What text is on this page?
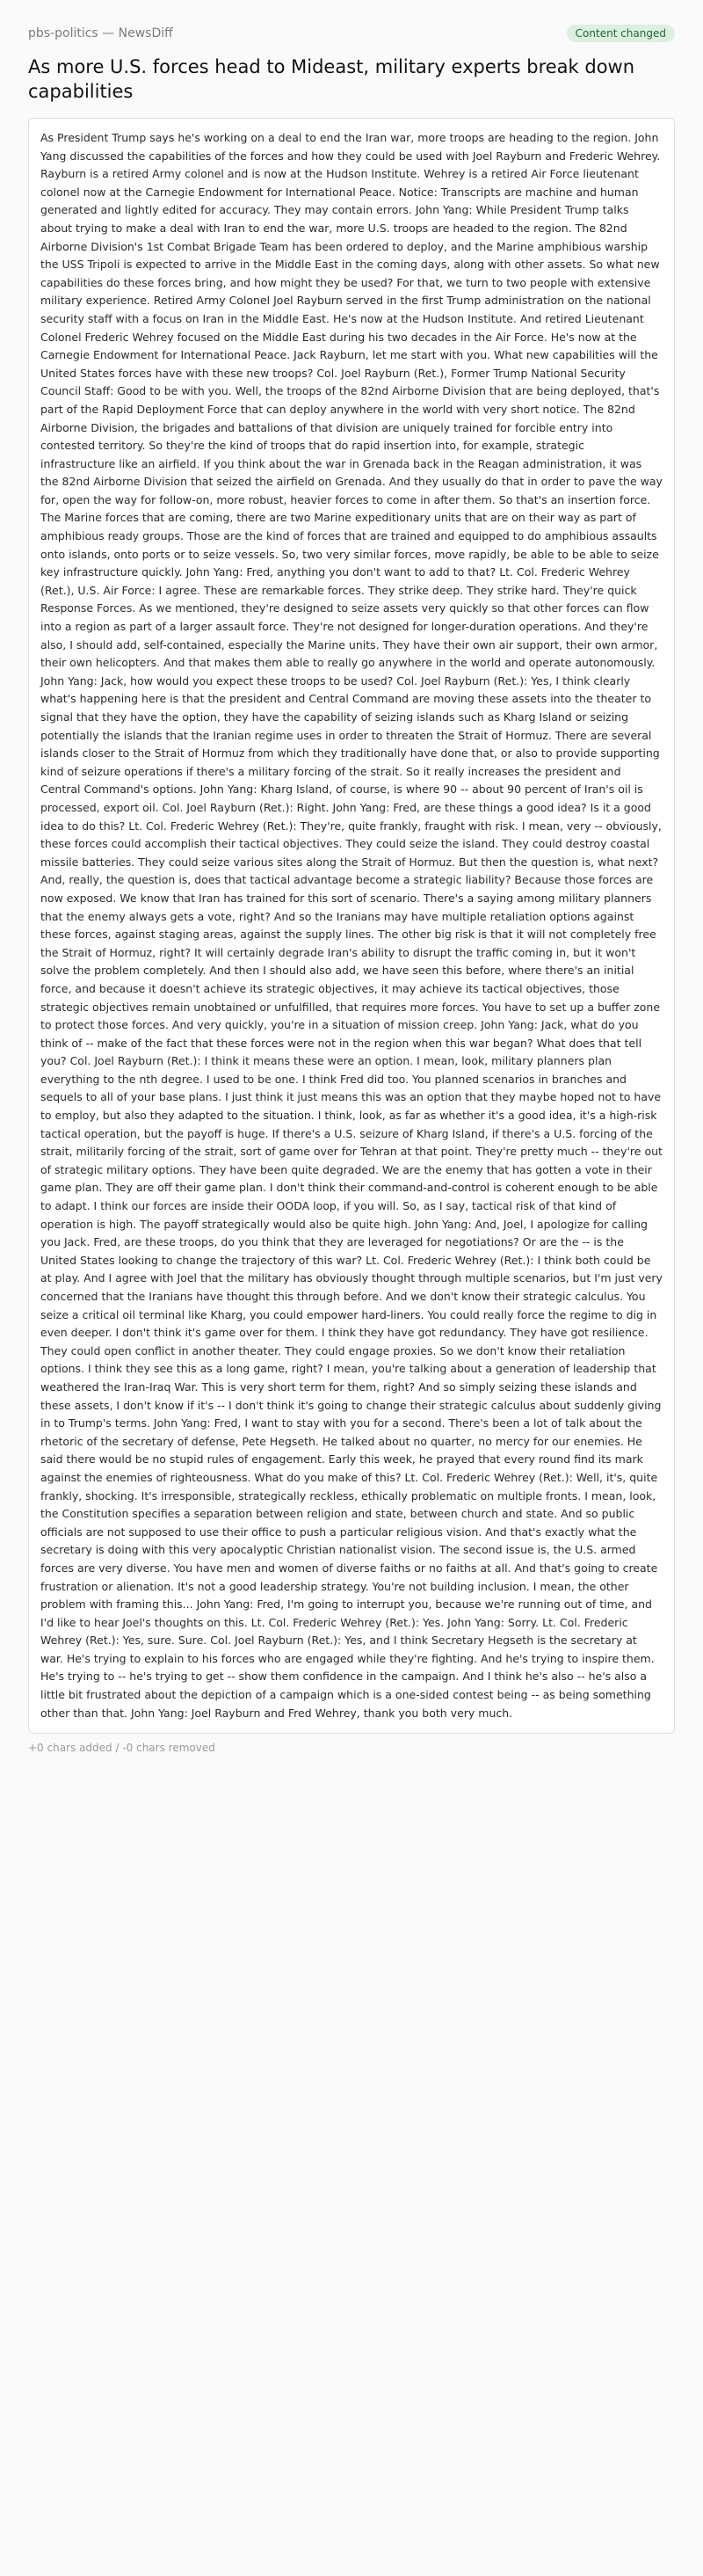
pbs-politics — NewsDiff	Content changed
As more U.S. forces head to Mideast, military experts break down capabilities

As President Trump says he's working on a deal to end the Iran war, more troops are heading to the region. John Yang discussed the capabilities of the forces and how they could be used with Joel Rayburn and Frederic Wehrey. Rayburn is a retired Army colonel and is now at the Hudson Institute. Wehrey is a retired Air Force lieutenant colonel now at the Carnegie Endowment for International Peace. Notice: Transcripts are machine and human generated and lightly edited for accuracy. They may contain errors. John Yang: While President Trump talks about trying to make a deal with Iran to end the war, more U.S. troops are headed to the region. The 82nd Airborne Division's 1st Combat Brigade Team has been ordered to deploy, and the Marine amphibious warship the USS Tripoli is expected to arrive in the Middle East in the coming days, along with other assets. So what new capabilities do these forces bring, and how might they be used? For that, we turn to two people with extensive military experience. Retired Army Colonel Joel Rayburn served in the first Trump administration on the national security staff with a focus on Iran in the Middle East. He's now at the Hudson Institute. And retired Lieutenant Colonel Frederic Wehrey focused on the Middle East during his two decades in the Air Force. He's now at the Carnegie Endowment for International Peace. Jack Rayburn, let me start with you. What new capabilities will the United States forces have with these new troops? Col. Joel Rayburn (Ret.), Former Trump National Security Council Staff: Good to be with you. Well, the troops of the 82nd Airborne Division that are being deployed, that's part of the Rapid Deployment Force that can deploy anywhere in the world with very short notice. The 82nd Airborne Division, the brigades and battalions of that division are uniquely trained for forcible entry into contested territory. So they're the kind of troops that do rapid insertion into, for example, strategic infrastructure like an airfield. If you think about the war in Grenada back in the Reagan administration, it was the 82nd Airborne Division that seized the airfield on Grenada. And they usually do that in order to pave the way for, open the way for follow-on, more robust, heavier forces to come in after them. So that's an insertion force. The Marine forces that are coming, there are two Marine expeditionary units that are on their way as part of amphibious ready groups. Those are the kind of forces that are trained and equipped to do amphibious assaults onto islands, onto ports or to seize vessels. So, two very similar forces, move rapidly, be able to be able to seize key infrastructure quickly. John Yang: Fred, anything you don't want to add to that? Lt. Col. Frederic Wehrey (Ret.), U.S. Air Force: I agree. These are remarkable forces. They strike deep. They strike hard. They're quick Response Forces. As we mentioned, they're designed to seize assets very quickly so that other forces can flow into a region as part of a larger assault force. They're not designed for longer-duration operations. And they're also, I should add, self-contained, especially the Marine units. They have their own air support, their own armor, their own helicopters. And that makes them able to really go anywhere in the world and operate autonomously. John Yang: Jack, how would you expect these troops to be used? Col. Joel Rayburn (Ret.): Yes, I think clearly what's happening here is that the president and Central Command are moving these assets into the theater to signal that they have the option, they have the capability of seizing islands such as Kharg Island or seizing potentially the islands that the Iranian regime uses in order to threaten the Strait of Hormuz. There are several islands closer to the Strait of Hormuz from which they traditionally have done that, or also to provide supporting kind of seizure operations if there's a military forcing of the strait. So it really increases the president and Central Command's options. John Yang: Kharg Island, of course, is where 90 -- about 90 percent of Iran's oil is processed, export oil. Col. Joel Rayburn (Ret.): Right. John Yang: Fred, are these things a good idea? Is it a good idea to do this? Lt. Col. Frederic Wehrey (Ret.): They're, quite frankly, fraught with risk. I mean, very -- obviously, these forces could accomplish their tactical objectives. They could seize the island. They could destroy coastal missile batteries. They could seize various sites along the Strait of Hormuz. But then the question is, what next? And, really, the question is, does that tactical advantage become a strategic liability? Because those forces are now exposed. We know that Iran has trained for this sort of scenario. There's a saying among military planners that the enemy always gets a vote, right? And so the Iranians may have multiple retaliation options against these forces, against staging areas, against the supply lines. The other big risk is that it will not completely free the Strait of Hormuz, right? It will certainly degrade Iran's ability to disrupt the traffic coming in, but it won't solve the problem completely. And then I should also add, we have seen this before, where there's an initial force, and because it doesn't achieve its strategic objectives, it may achieve its tactical objectives, those strategic objectives remain unobtained or unfulfilled, that requires more forces. You have to set up a buffer zone to protect those forces. And very quickly, you're in a situation of mission creep. John Yang: Jack, what do you think of -- make of the fact that these forces were not in the region when this war began? What does that tell you? Col. Joel Rayburn (Ret.): I think it means these were an option. I mean, look, military planners plan everything to the nth degree. I used to be one. I think Fred did too. You planned scenarios in branches and sequels to all of your base plans. I just think it just means this was an option that they maybe hoped not to have to employ, but also they adapted to the situation. I think, look, as far as whether it's a good idea, it's a high-risk tactical operation, but the payoff is huge. If there's a U.S. seizure of Kharg Island, if there's a U.S. forcing of the strait, militarily forcing of the strait, sort of game over for Tehran at that point. They're pretty much -- they're out of strategic military options. They have been quite degraded. We are the enemy that has gotten a vote in their game plan. They are off their game plan. I don't think their command-and-control is coherent enough to be able to adapt. I think our forces are inside their OODA loop, if you will. So, as I say, tactical risk of that kind of operation is high. The payoff strategically would also be quite high. John Yang: And, Joel, I apologize for calling you Jack. Fred, are these troops, do you think that they are leveraged for negotiations? Or are the -- is the United States looking to change the trajectory of this war? Lt. Col. Frederic Wehrey (Ret.): I think both could be at play. And I agree with Joel that the military has obviously thought through multiple scenarios, but I'm just very concerned that the Iranians have thought this through before. And we don't know their strategic calculus. You seize a critical oil terminal like Kharg, you could empower hard-liners. You could really force the regime to dig in even deeper. I don't think it's game over for them. I think they have got redundancy. They have got resilience. They could open conflict in another theater. They could engage proxies. So we don't know their retaliation options. I think they see this as a long game, right? I mean, you're talking about a generation of leadership that weathered the Iran-Iraq War. This is very short term for them, right? And so simply seizing these islands and these assets, I don't know if it's -- I don't think it's going to change their strategic calculus about suddenly giving in to Trump's terms. John Yang: Fred, I want to stay with you for a second. There's been a lot of talk about the rhetoric of the secretary of defense, Pete Hegseth. He talked about no quarter, no mercy for our enemies. He said there would be no stupid rules of engagement. Early this week, he prayed that every round find its mark against the enemies of righteousness. What do you make of this? Lt. Col. Frederic Wehrey (Ret.): Well, it's, quite frankly, shocking. It's irresponsible, strategically reckless, ethically problematic on multiple fronts. I mean, look, the Constitution specifies a separation between religion and state, between church and state. And so public officials are not supposed to use their office to push a particular religious vision. And that's exactly what the secretary is doing with this very apocalyptic Christian nationalist vision. The second issue is, the U.S. armed forces are very diverse. You have men and women of diverse faiths or no faiths at all. And that's going to create frustration or alienation. It's not a good leadership strategy. You're not building inclusion. I mean, the other problem with framing this... John Yang: Fred, I'm going to interrupt you, because we're running out of time, and I'd like to hear Joel's thoughts on this. Lt. Col. Frederic Wehrey (Ret.): Yes. John Yang: Sorry. Lt. Col. Frederic Wehrey (Ret.): Yes, sure. Sure. Col. Joel Rayburn (Ret.): Yes, and I think Secretary Hegseth is the secretary at war. He's trying to explain to his forces who are engaged while they're fighting. And he's trying to inspire them. He's trying to -- he's trying to get -- show them confidence in the campaign. And I think he's also -- he's also a little bit frustrated about the depiction of a campaign which is a one-sided contest being -- as being something other than that. John Yang: Joel Rayburn and Fred Wehrey, thank you both very much.

+0 chars added / -0 chars removed
